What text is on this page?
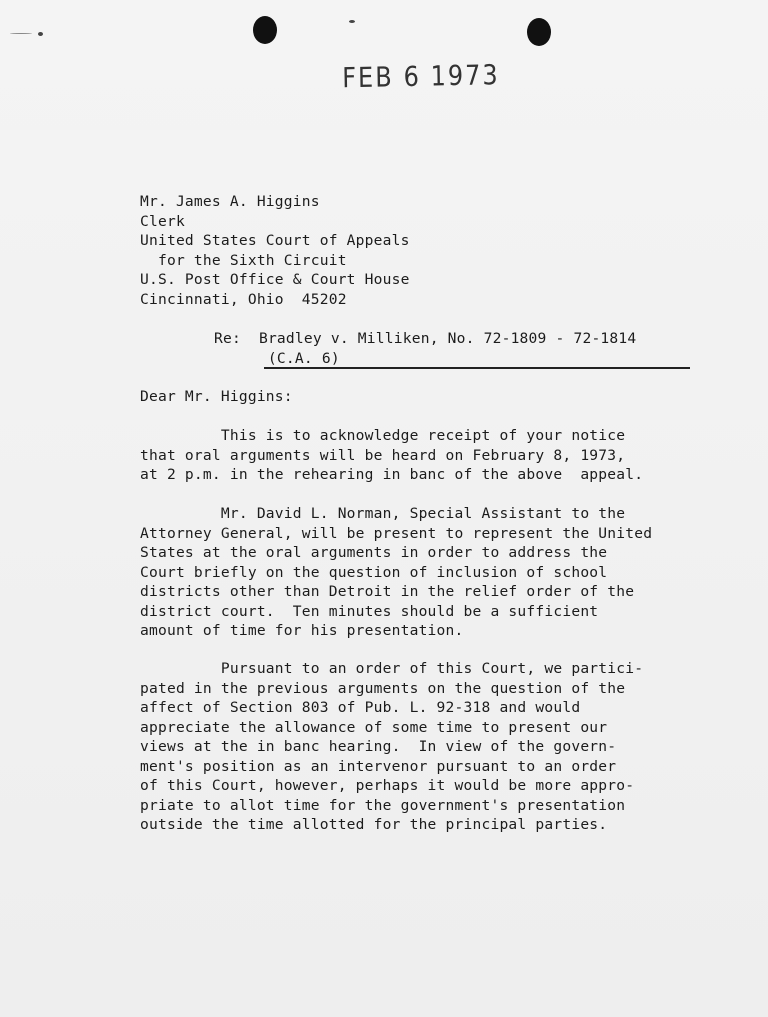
FEB 6 1973
Mr. James A. Higgins
Clerk
United States Court of Appeals
for the Sixth Circuit
U.S. Post Office & Court House
Cincinnati, Ohio  45202
Re: Bradley v. Milliken, No. 72-1809 - 72-1814
(C.A. 6)
Dear Mr. Higgins:
This is to acknowledge receipt of your notice
that oral arguments will be heard on February 8, 1973,
at 2 p.m. in the rehearing in banc of the above  appeal.
Mr. David L. Norman, Special Assistant to the
Attorney General, will be present to represent the United
States at the oral arguments in order to address the
Court briefly on the question of inclusion of school
districts other than Detroit in the relief order of the
district court.  Ten minutes should be a sufficient
amount of time for his presentation.
Pursuant to an order of this Court, we partici-
pated in the previous arguments on the question of the
affect of Section 803 of Pub. L. 92-318 and would
appreciate the allowance of some time to present our
views at the in banc hearing.  In view of the govern-
ment's position as an intervenor pursuant to an order
of this Court, however, perhaps it would be more appro-
priate to allot time for the government's presentation
outside the time allotted for the principal parties.
